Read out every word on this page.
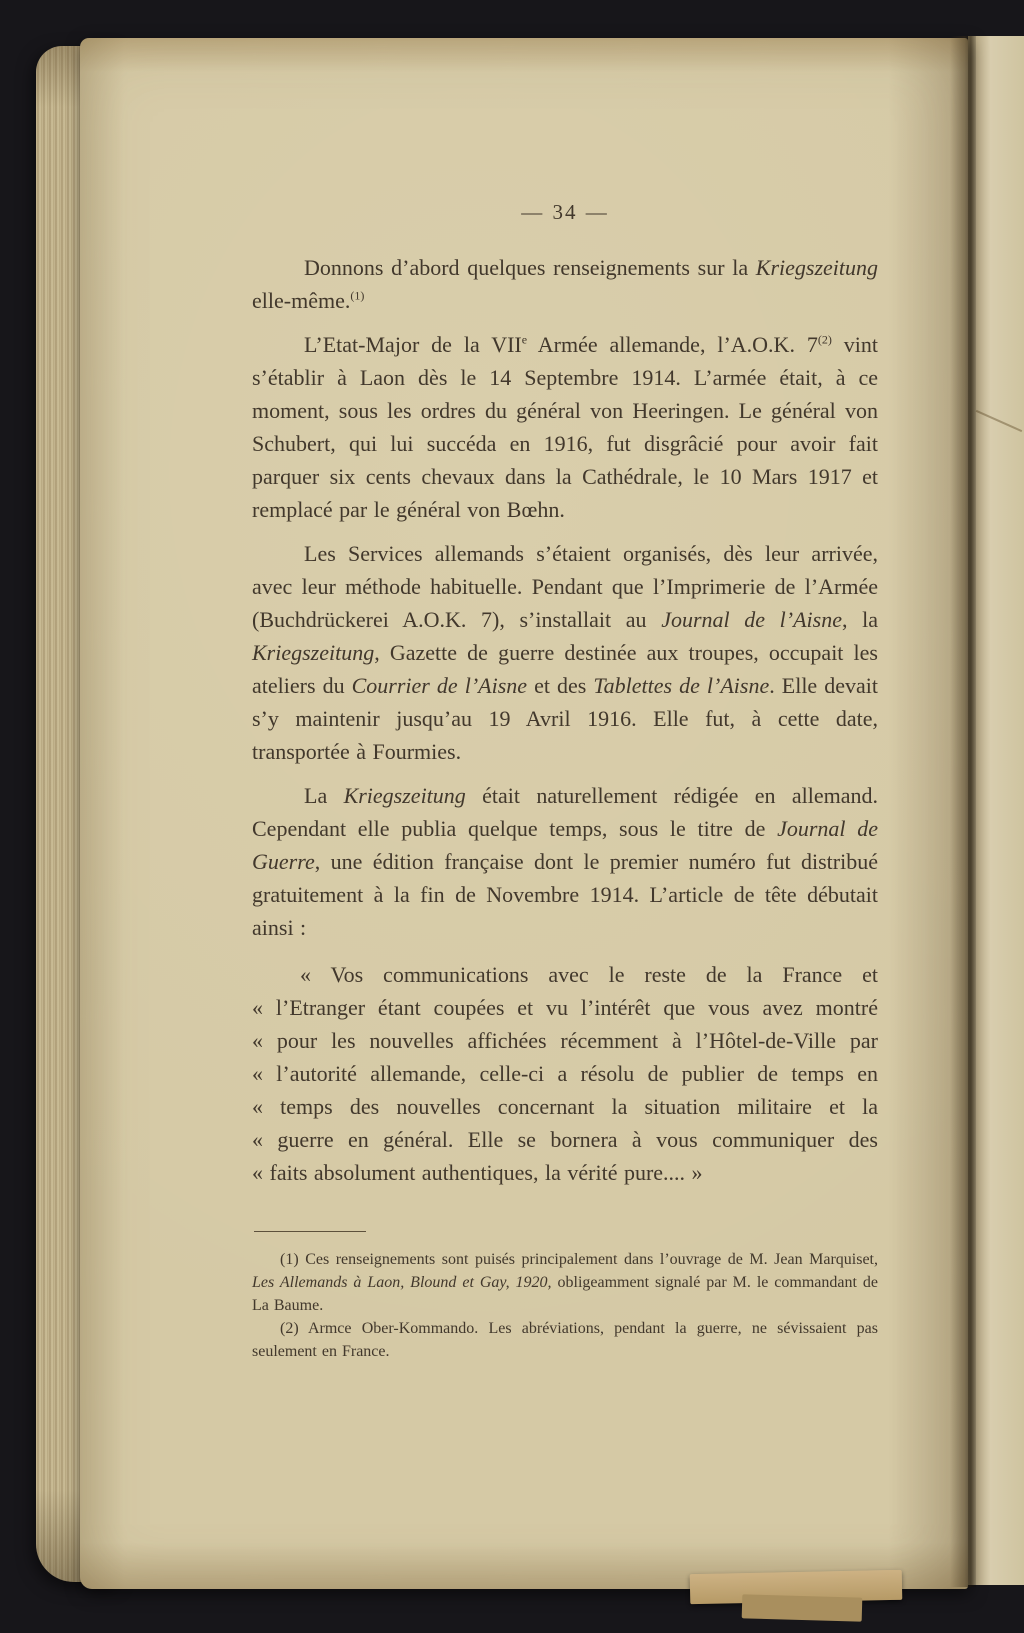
— 34 —
Donnons d’abord quelques renseignements sur la Kriegszeitung elle-même.$^{(1)}$
L’Etat-Major de la VIIe Armée allemande, l’A.O.K. 7$^{(2)}$ vint s’établir à Laon dès le 14 Septembre 1914. L’armée était, à ce moment, sous les ordres du général von Heeringen. Le général von Schubert, qui lui succéda en 1916, fut disgrâcié pour avoir fait parquer six cents chevaux dans la Cathédrale, le 10 Mars 1917 et remplacé par le général von Bœhn.
Les Services allemands s’étaient organisés, dès leur arrivée, avec leur méthode habituelle. Pendant que l’Imprimerie de l’Armée (Buchdrückerei A.O.K. 7), s’installait au Journal de l’Aisne, la Kriegszeitung, Gazette de guerre destinée aux troupes, occupait les ateliers du Courrier de l’Aisne et des Tablettes de l’Aisne. Elle devait s’y maintenir jusqu’au 19 Avril 1916. Elle fut, à cette date, transportée à Fourmies.
La Kriegszeitung était naturellement rédigée en allemand. Cependant elle publia quelque temps, sous le titre de Journal de Guerre, une édition française dont le premier numéro fut distribué gratuitement à la fin de Novembre 1914. L’article de tête débutait ainsi :
« Vos communications avec le reste de la France et
« l’Etranger étant coupées et vu l’intérêt que vous avez montré
« pour les nouvelles affichées récemment à l’Hôtel-de-Ville par
« l’autorité allemande, celle-ci a résolu de publier de temps en
« temps des nouvelles concernant la situation militaire et la
« guerre en général. Elle se bornera à vous communiquer des
« faits absolument authentiques, la vérité pure.... »
(1) Ces renseignements sont puisés principalement dans l’ouvrage de M. Jean Marquiset, Les Allemands à Laon, Blound et Gay, 1920, obligeamment signalé par M. le commandant de La Baume.
(2) Armce Ober-Kommando. Les abréviations, pendant la guerre, ne sévissaient pas seulement en France.
